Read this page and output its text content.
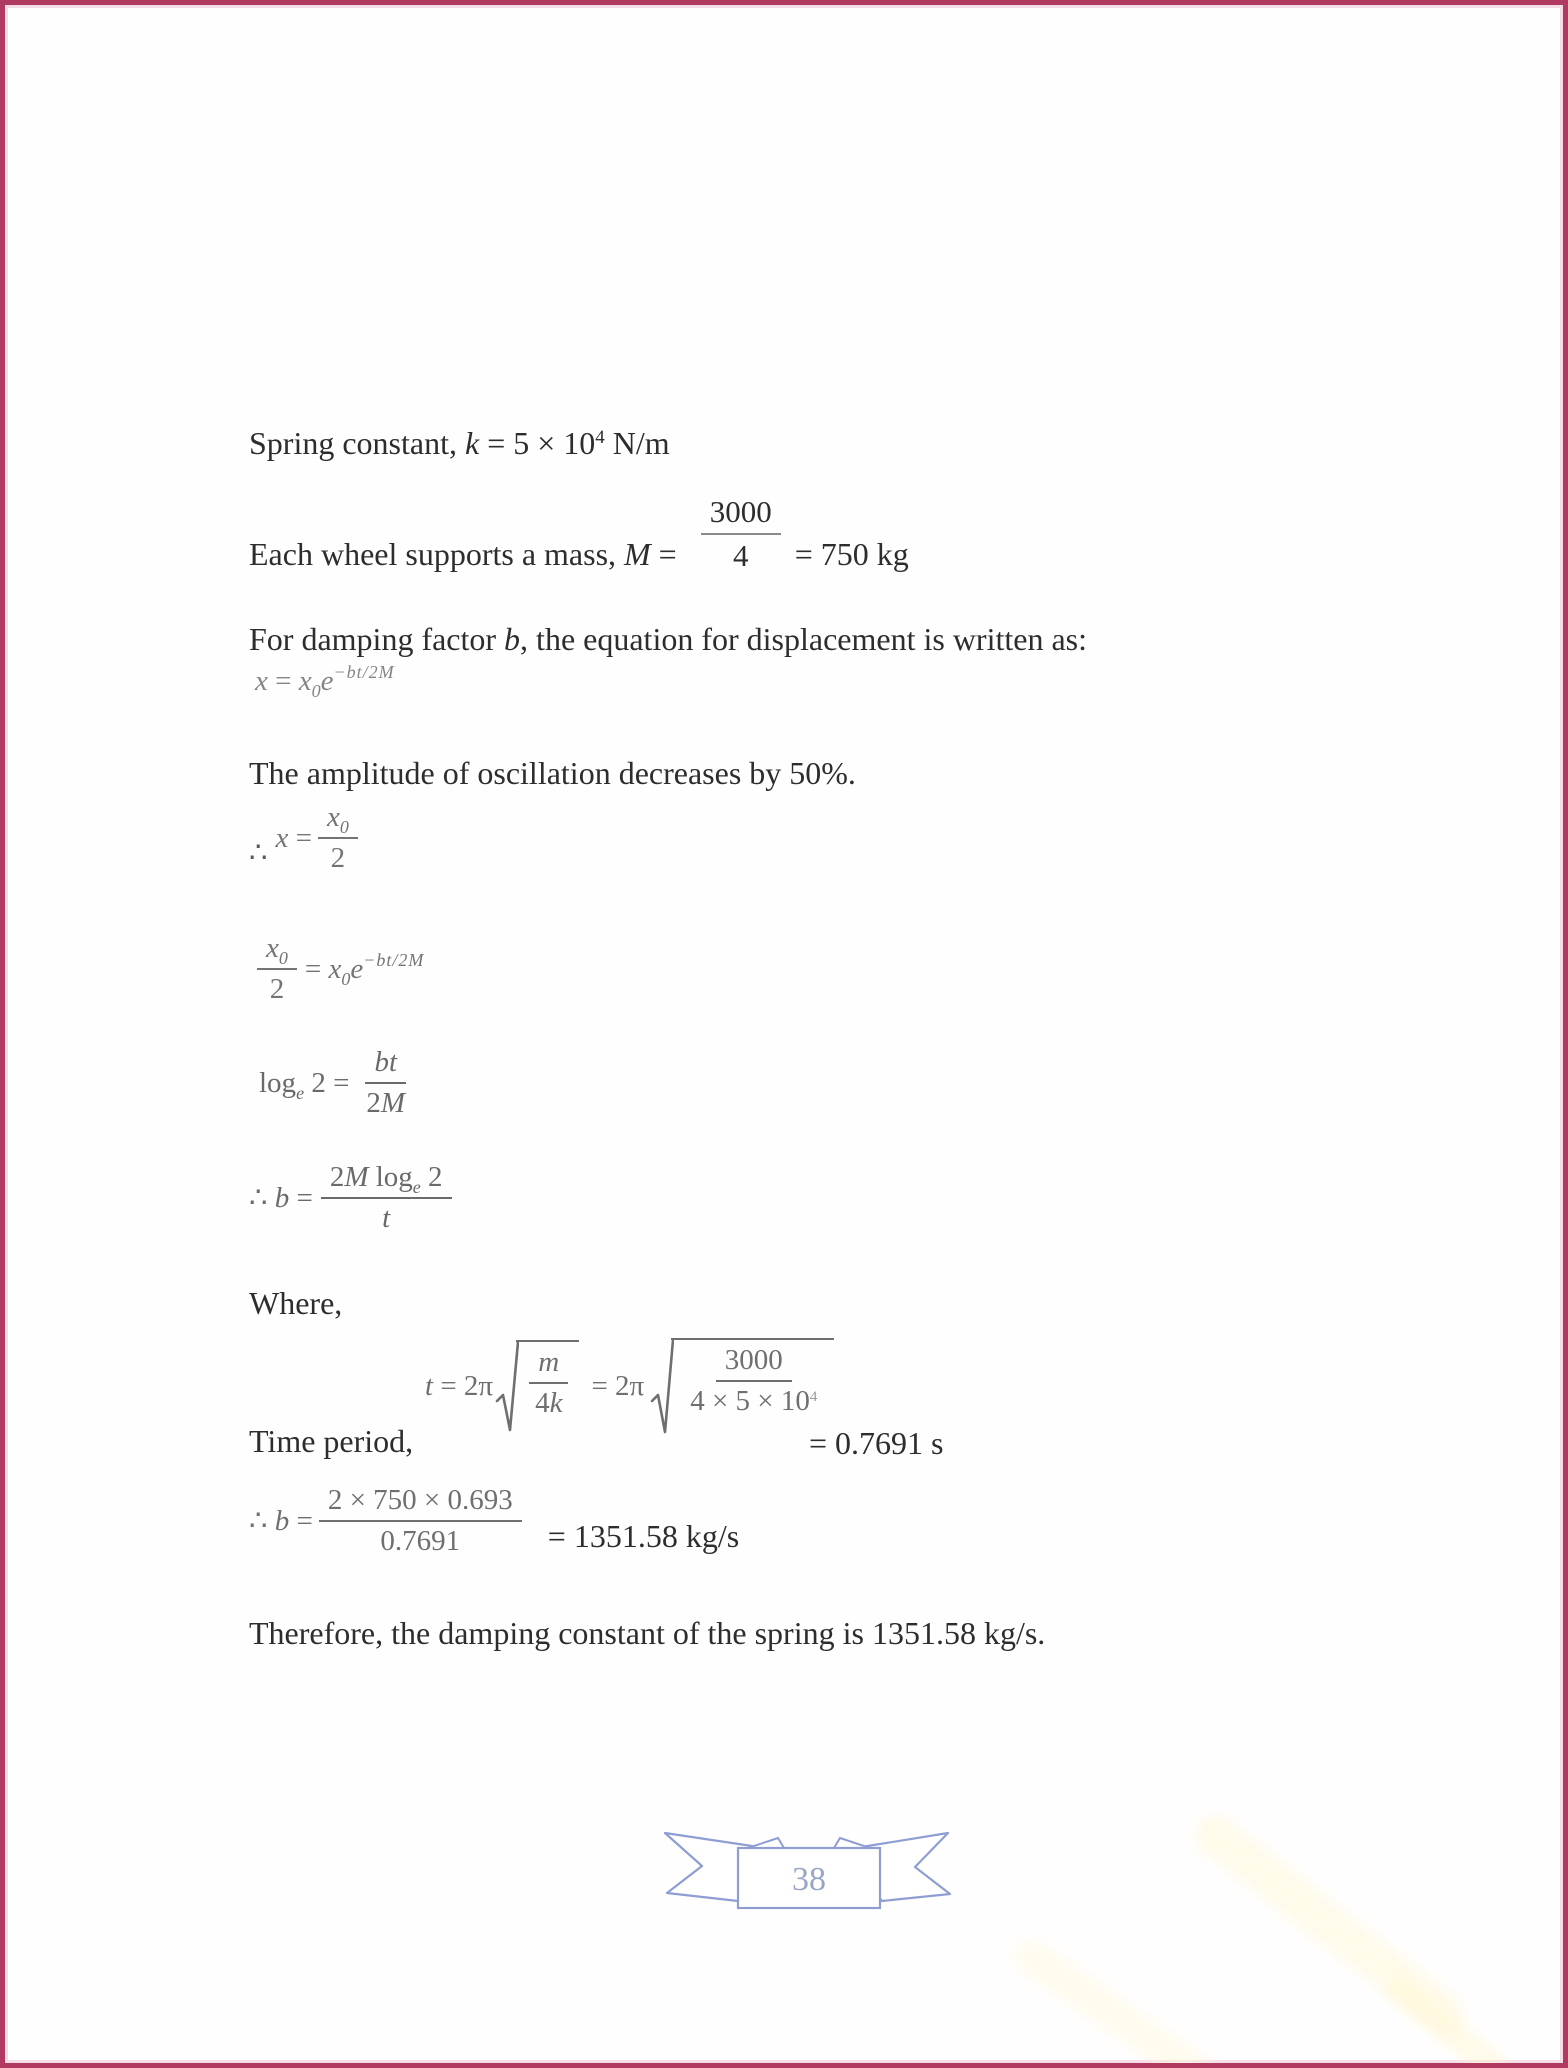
Spring constant, $k = 5 \times 10^4$ N/m
Each wheel supports a mass, $M = \frac{3000}{4} = 750$ kg
For damping factor b, the equation for displacement is written as:
$x = x_0e^{-bt/2M}$
The amplitude of oscillation decreases by 50%.
∴ $x = \frac{x_0}{2}$
$\frac{x_0}{2} = x_0e^{-bt/2M}$
$\log_e 2 = \frac{bt}{2M}$
∴ $b = \frac{2M \log_e 2}{t}$
Where,
$t = 2\pi \frac{m}{4k} = 2\pi \frac{3000}{4 \times 5 \times 10^4}$
Time period,	= 0.7691 s
∴ $b = \frac{2 \times 750 \times 0.693}{0.7691} = 1351.58$ kg/s
Therefore, the damping constant of the spring is 1351.58 kg/s.
38
